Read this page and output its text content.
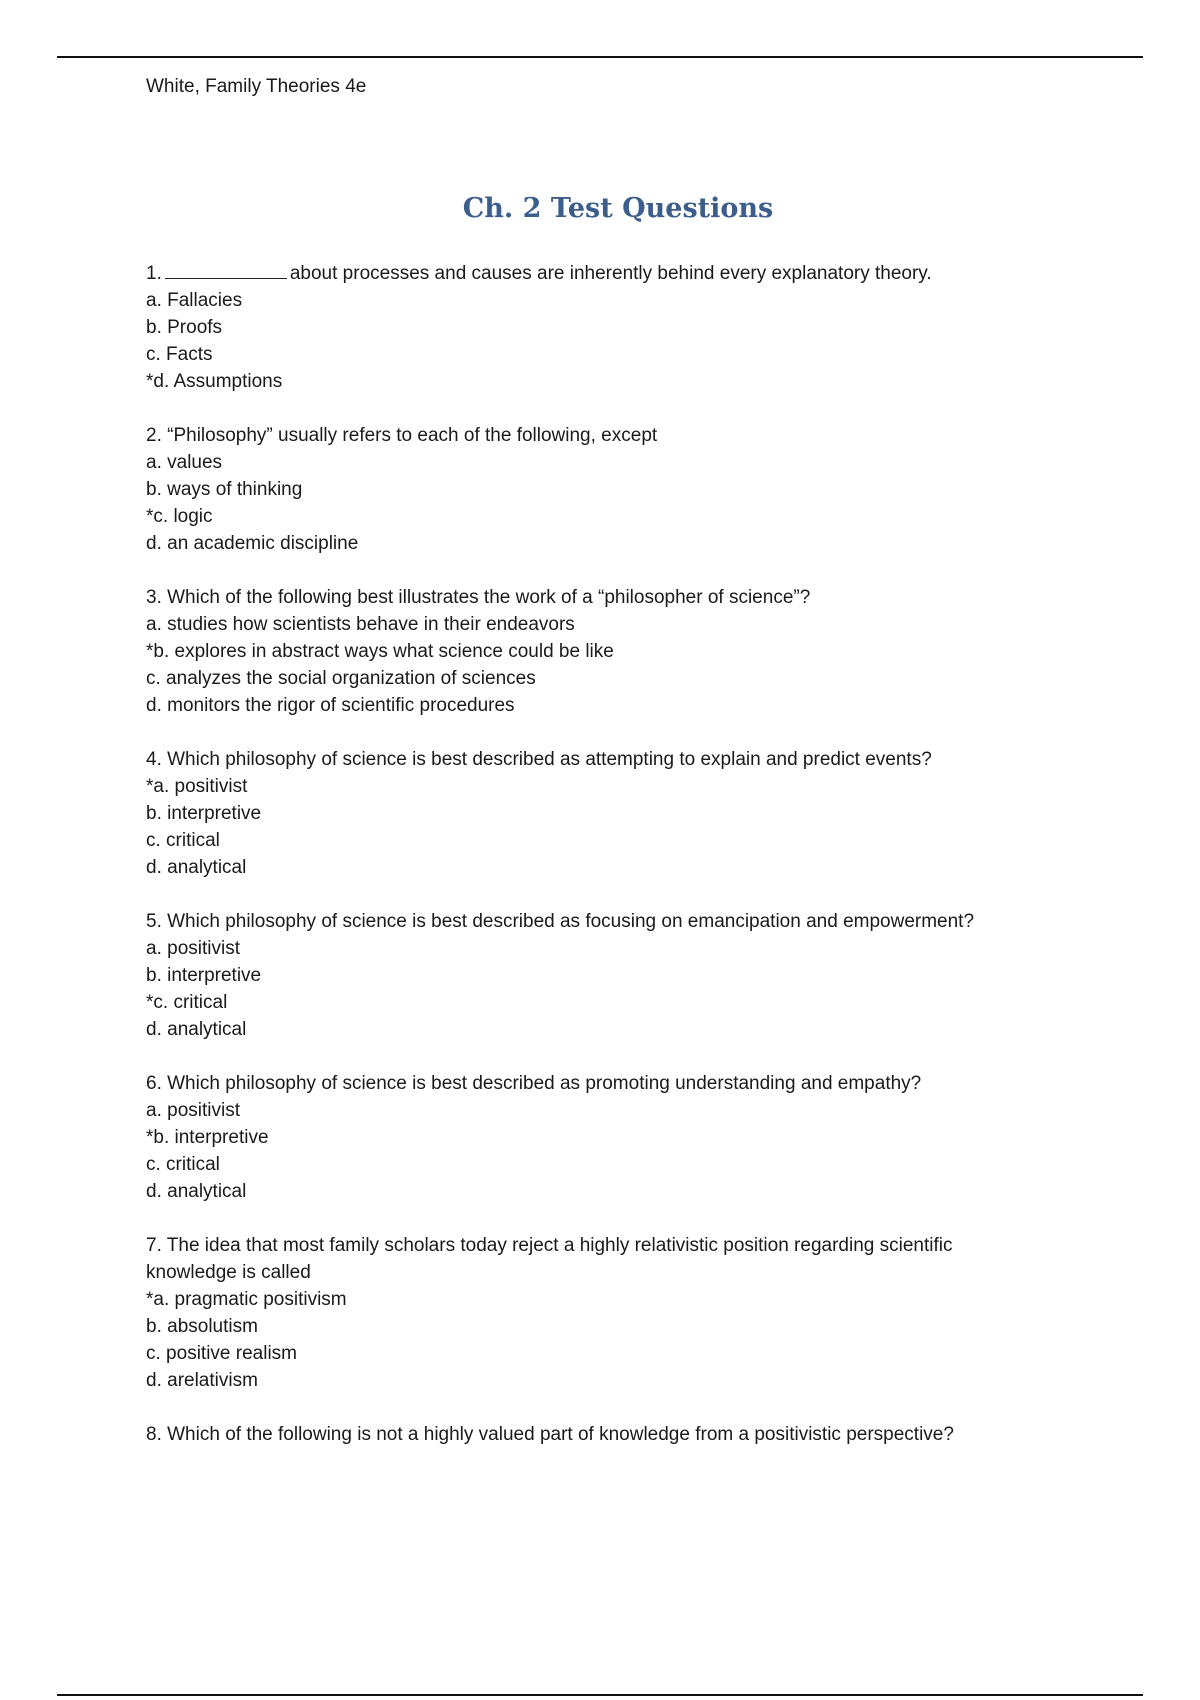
White, Family Theories 4e
Ch. 2 Test Questions
1.	about processes and causes are inherently behind every explanatory theory.
a. Fallacies
b. Proofs
c. Facts
*d. Assumptions
2. “Philosophy” usually refers to each of the following, except
a. values
b. ways of thinking
*c. logic
d. an academic discipline
3. Which of the following best illustrates the work of a “philosopher of science”?
a. studies how scientists behave in their endeavors
*b. explores in abstract ways what science could be like
c. analyzes the social organization of sciences
d. monitors the rigor of scientific procedures
4. Which philosophy of science is best described as attempting to explain and predict events?
*a. positivist
b. interpretive
c. critical
d. analytical
5. Which philosophy of science is best described as focusing on emancipation and empowerment?
a. positivist
b. interpretive
*c. critical
d. analytical
6. Which philosophy of science is best described as promoting understanding and empathy?
a. positivist
*b. interpretive
c. critical
d. analytical
7. The idea that most family scholars today reject a highly relativistic position regarding scientific knowledge is called
*a. pragmatic positivism
b. absolutism
c. positive realism
d. arelativism
8. Which of the following is not a highly valued part of knowledge from a positivistic perspective?
